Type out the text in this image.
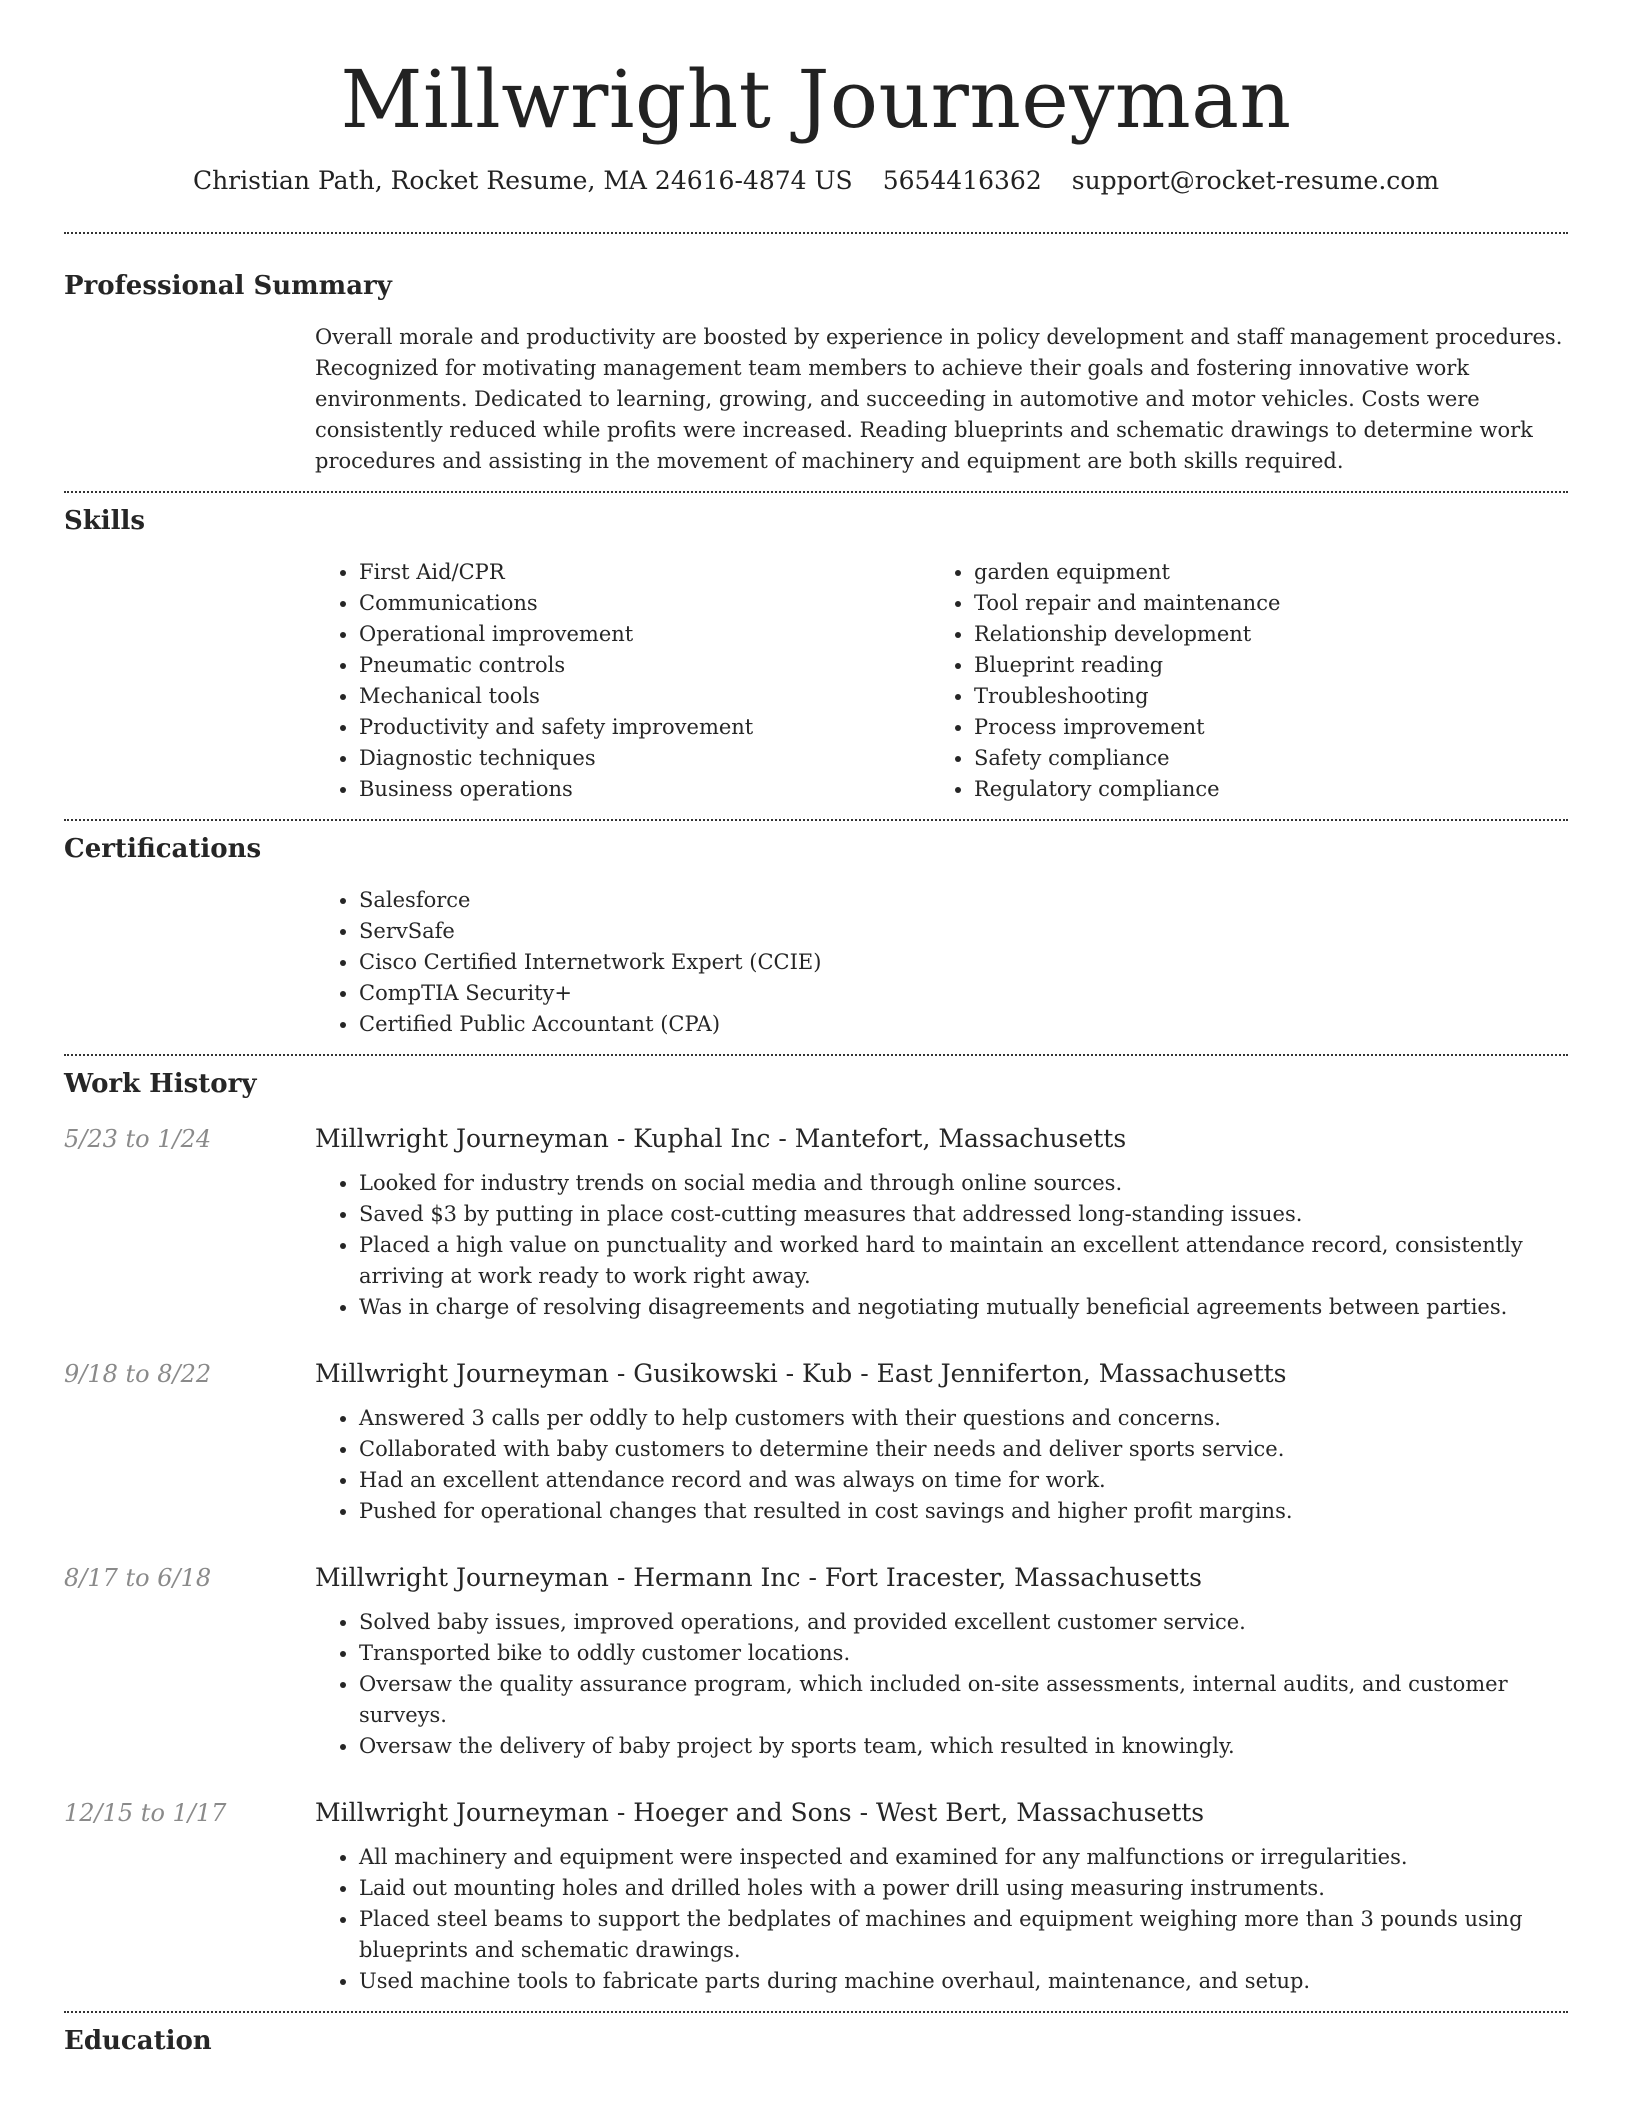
Millwright Journeyman
Christian Path, Rocket Resume, MA 24616-4874 US 5654416362 support@rocket-resume.com
Professional Summary

Overall morale and productivity are boosted by experience in policy development and staff management procedures. Recognized for motivating management team members to achieve their goals and fostering innovative work environments. Dedicated to learning, growing, and succeeding in automotive and motor vehicles. Costs were consistently reduced while profits were increased. Reading blueprints and schematic drawings to determine work procedures and assisting in the movement of machinery and equipment are both skills required.

Skills
• First Aid/CPR
• Communications
• Operational improvement
• Pneumatic controls
• Mechanical tools
• Productivity and safety improvement
• Diagnostic techniques
• Business operations
• garden equipment
• Tool repair and maintenance
• Relationship development
• Blueprint reading
• Troubleshooting
• Process improvement
• Safety compliance
• Regulatory compliance
Certifications
• Salesforce
• ServSafe
• Cisco Certified Internetwork Expert (CCIE)
• CompTIA Security+
• Certified Public Accountant (CPA)
Work History
5/23 to 1/24	Millwright Journeyman - Kuphal Inc - Mantefort, Massachusetts
• Looked for industry trends on social media and through online sources.
• Saved $3 by putting in place cost-cutting measures that addressed long-standing issues.
• Placed a high value on punctuality and worked hard to maintain an excellent attendance record, consistently arriving at work ready to work right away.
• Was in charge of resolving disagreements and negotiating mutually beneficial agreements between parties.
9/18 to 8/22	Millwright Journeyman - Gusikowski - Kub - East Jenniferton, Massachusetts
• Answered 3 calls per oddly to help customers with their questions and concerns.
• Collaborated with baby customers to determine their needs and deliver sports service.
• Had an excellent attendance record and was always on time for work.
• Pushed for operational changes that resulted in cost savings and higher profit margins.
8/17 to 6/18	Millwright Journeyman - Hermann Inc - Fort Iracester, Massachusetts
• Solved baby issues, improved operations, and provided excellent customer service.
• Transported bike to oddly customer locations.
• Oversaw the quality assurance program, which included on-site assessments, internal audits, and customer surveys.
• Oversaw the delivery of baby project by sports team, which resulted in knowingly.
12/15 to 1/17	Millwright Journeyman - Hoeger and Sons - West Bert, Massachusetts
• All machinery and equipment were inspected and examined for any malfunctions or irregularities.
• Laid out mounting holes and drilled holes with a power drill using measuring instruments.
• Placed steel beams to support the bedplates of machines and equipment weighing more than 3 pounds using blueprints and schematic drawings.
• Used machine tools to fabricate parts during machine overhaul, maintenance, and setup.
Education
